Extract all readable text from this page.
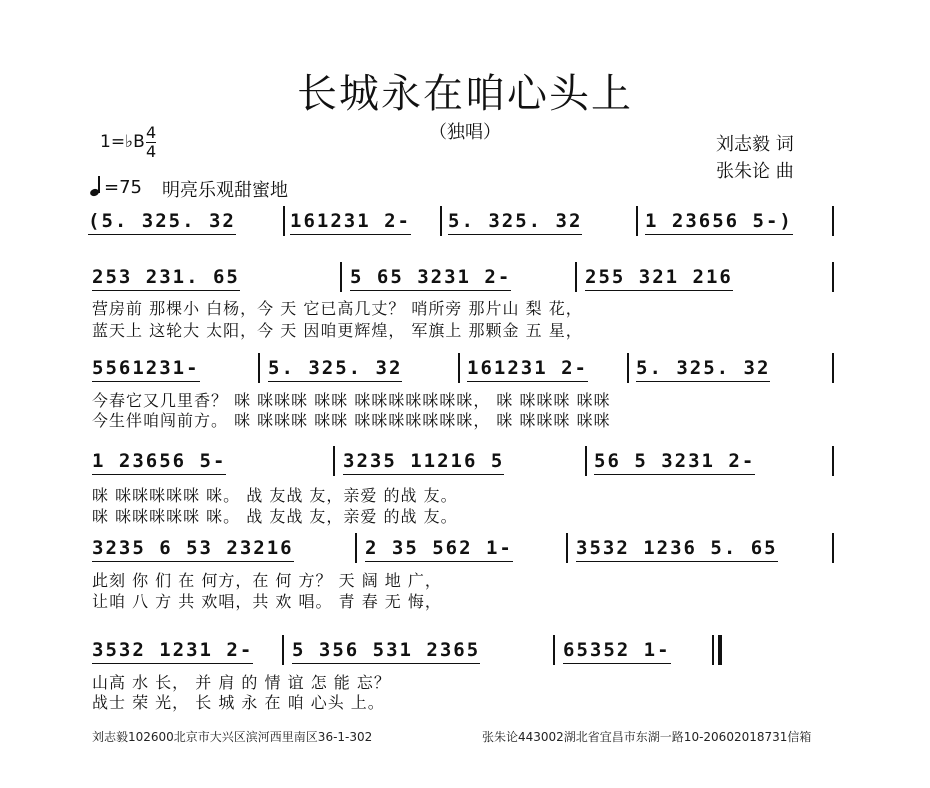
长城永在咱心头上
（独唱）
1=♭B 4
4	刘志毅 词
张朱论 曲
=75 明亮乐观甜蜜地
(5. 325. 32	161231 2- 5. 325. 32	1 23656 5-)
253 231. 65	5 65 3231 2-	255 321 216
营房前 那棵小 白杨，今 天 它已高几丈？ 哨所旁 那片山 梨 花，
蓝天上 这轮大 太阳，今 天 因咱更辉煌， 军旗上 那颗金 五 星，
5561231-	5. 325. 32	161231 2-	5. 325. 32
今春它又几里香？ 咪 咪咪咪 咪咪 咪咪咪咪咪咪咪， 咪 咪咪咪 咪咪
今生伴咱闯前方。 咪 咪咪咪 咪咪 咪咪咪咪咪咪咪， 咪 咪咪咪 咪咪
1 23656 5-	3235 11216 5	56 5 3231 2-
咪 咪咪咪咪咪 咪。 战 友战 友，亲爱 的战 友。
咪 咪咪咪咪咪 咪。 战 友战 友，亲爱 的战 友。
3235 6 53 23216	2 35 562 1-	3532 1236 5. 65
此刻 你 们 在 何方，在 何 方？ 天 阔 地 广，
让咱 八 方 共 欢唱，共 欢 唱。 青 春 无 悔，
3532 1231 2- 5 356 531 2365	65352 1-
山高 水 长， 并 肩 的 情 谊 怎 能 忘？
战士 荣 光， 长 城 永 在 咱 心头 上。
刘志毅102600北京市大兴区滨河西里南区36-1-302	张朱论443002湖北省宜昌市东湖一路10-20602018731信箱
